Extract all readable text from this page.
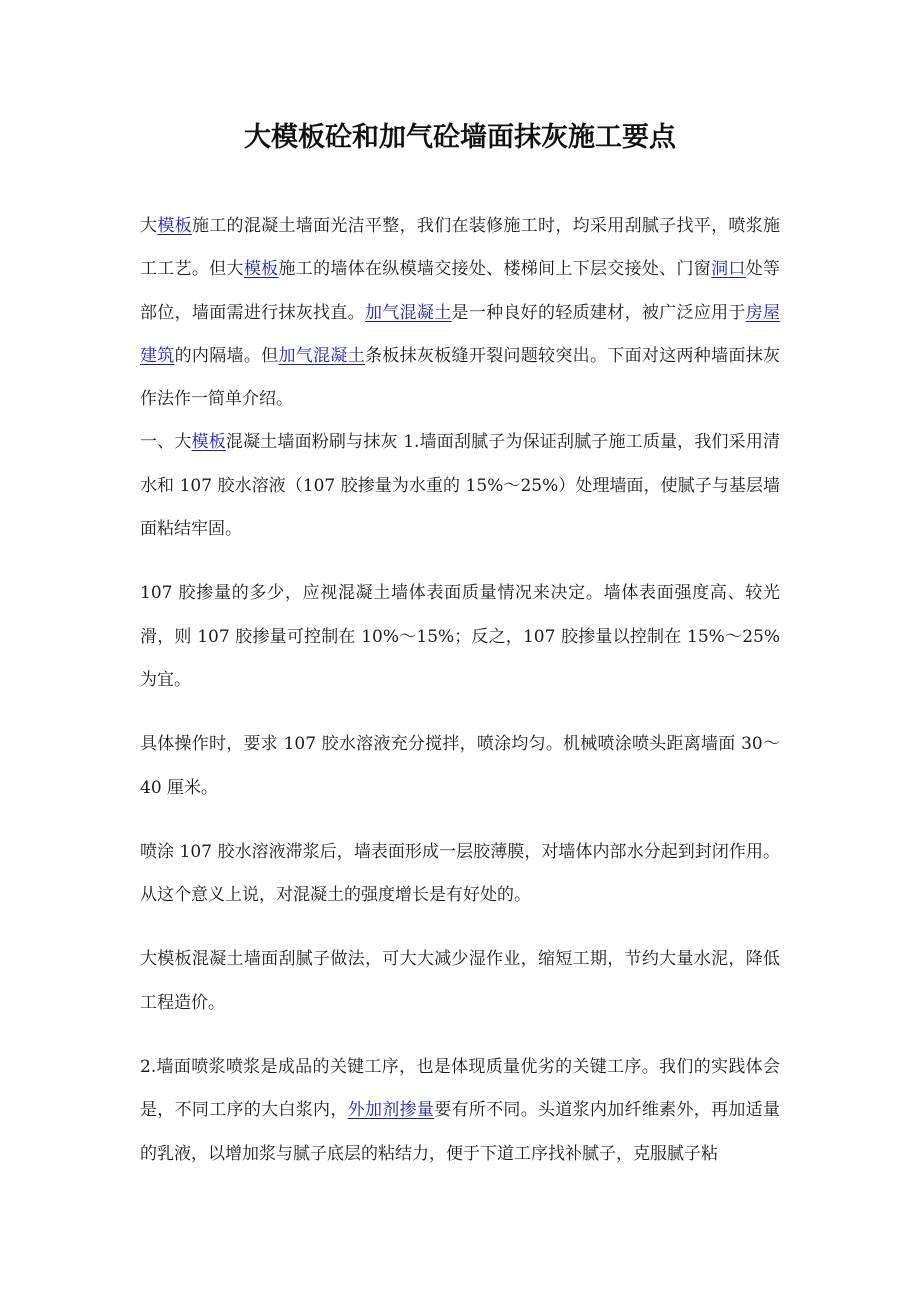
大模板砼和加气砼墙面抹灰施工要点

大模板施工的混凝土墙面光洁平整，我们在装修施工时，均采用刮腻子找平，喷浆施工工艺。但大模板施工的墙体在纵模墙交接处、楼梯间上下层交接处、门窗洞口处等部位，墙面需进行抹灰找直。加气混凝土是一种良好的轻质建材，被广泛应用于房屋建筑的内隔墙。但加气混凝土条板抹灰板缝开裂问题较突出。下面对这两种墙面抹灰作法作一简单介绍。

一、大模板混凝土墙面粉刷与抹灰 1.墙面刮腻子为保证刮腻子施工质量，我们采用清水和 107 胶水溶液（107 胶掺量为水重的 15%～25%）处理墙面，使腻子与基层墙面粘结牢固。

107 胶掺量的多少，应视混凝土墙体表面质量情况来决定。墙体表面强度高、较光滑，则 107 胶掺量可控制在 10%～15%；反之，107 胶掺量以控制在 15%～25%为宜。

具体操作时，要求 107 胶水溶液充分搅拌，喷涂均匀。机械喷涂喷头距离墙面 30～40 厘米。

喷涂 107 胶水溶液滞浆后，墙表面形成一层胶薄膜，对墙体内部水分起到封闭作用。从这个意义上说，对混凝土的强度增长是有好处的。

大模板混凝土墙面刮腻子做法，可大大减少湿作业，缩短工期，节约大量水泥，降低工程造价。

2.墙面喷浆喷浆是成品的关键工序，也是体现质量优劣的关键工序。我们的实践体会是，不同工序的大白浆内，外加剂掺量要有所不同。头道浆内加纤维素外，再加适量的乳液，以增加浆与腻子底层的粘结力，便于下道工序找补腻子，克服腻子粘
